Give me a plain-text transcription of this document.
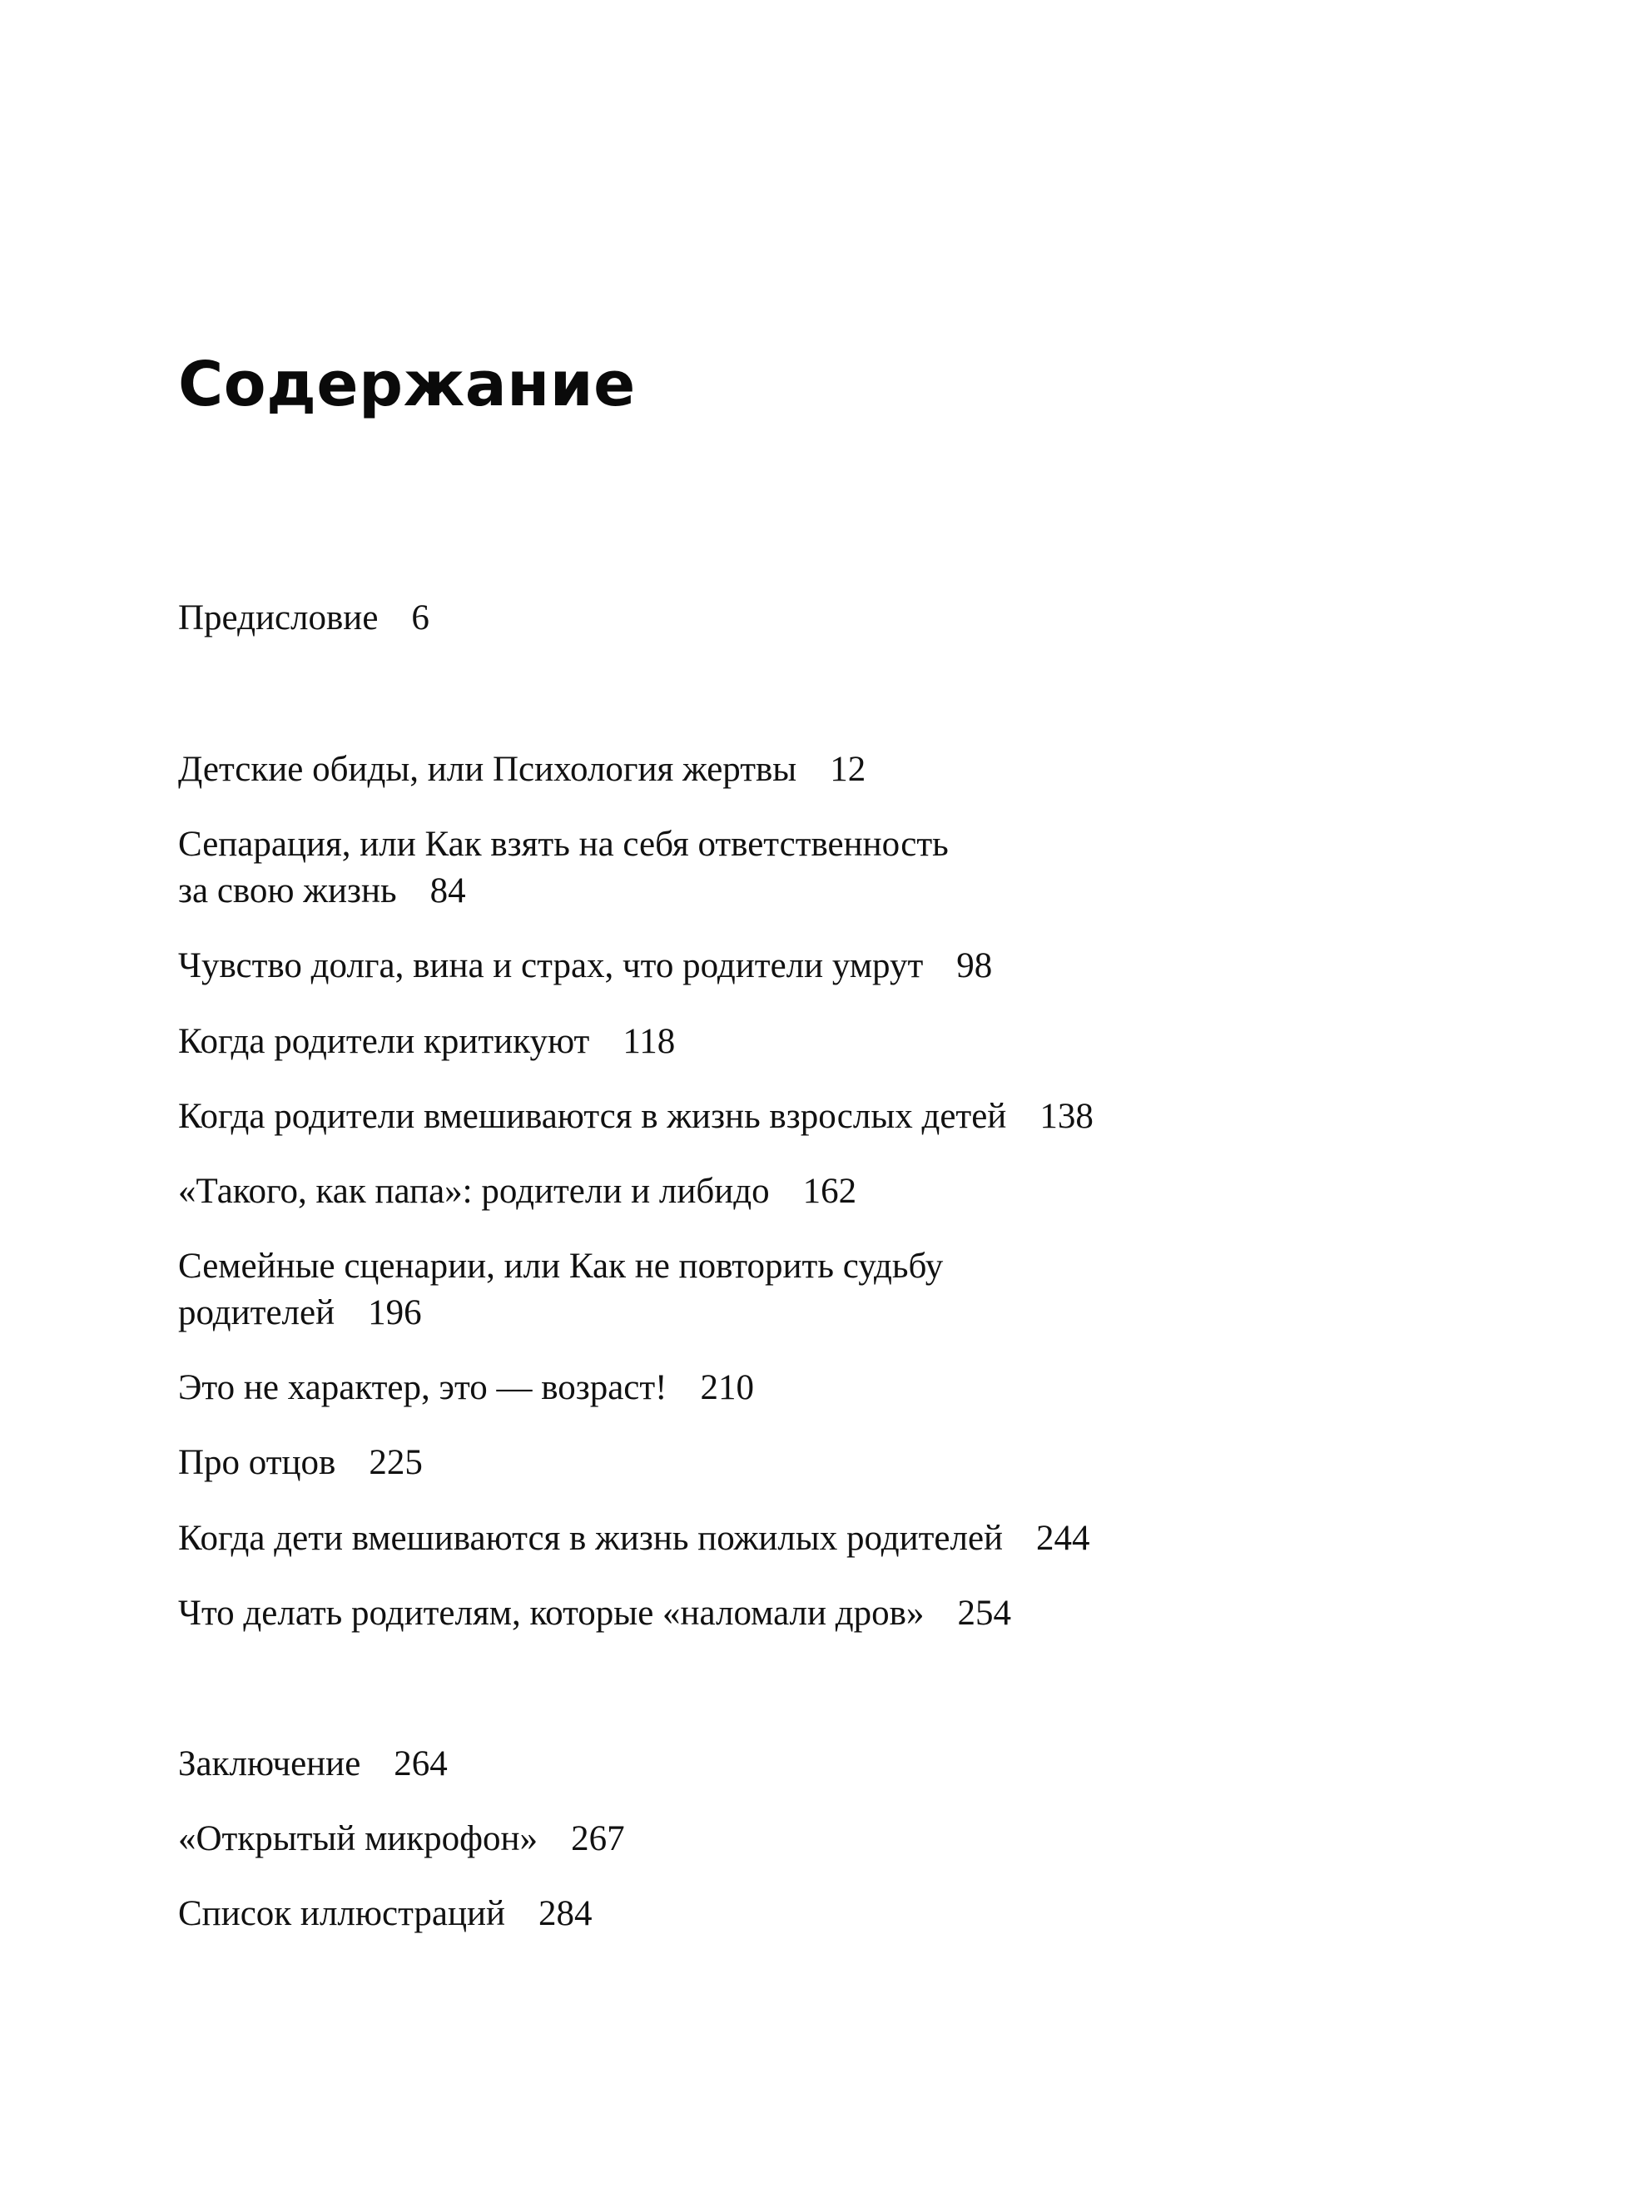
Содержание

Предисловие 6

Детские обиды, или Психология жертвы 12

Сепарация, или Как взять на себя ответственность
за свою жизнь 84

Чувство долга, вина и страх, что родители умрут 98

Когда родители критикуют 118

Когда родители вмешиваются в жизнь взрослых детей 138

«Такого, как папа»: родители и либидо 162

Семейные сценарии, или Как не повторить судьбу
родителей 196

Это не характер, это — возраст! 210

Про отцов 225

Когда дети вмешиваются в жизнь пожилых родителей 244

Что делать родителям, которые «наломали дров» 254

Заключение 264

«Открытый микрофон» 267

Список иллюстраций 284
